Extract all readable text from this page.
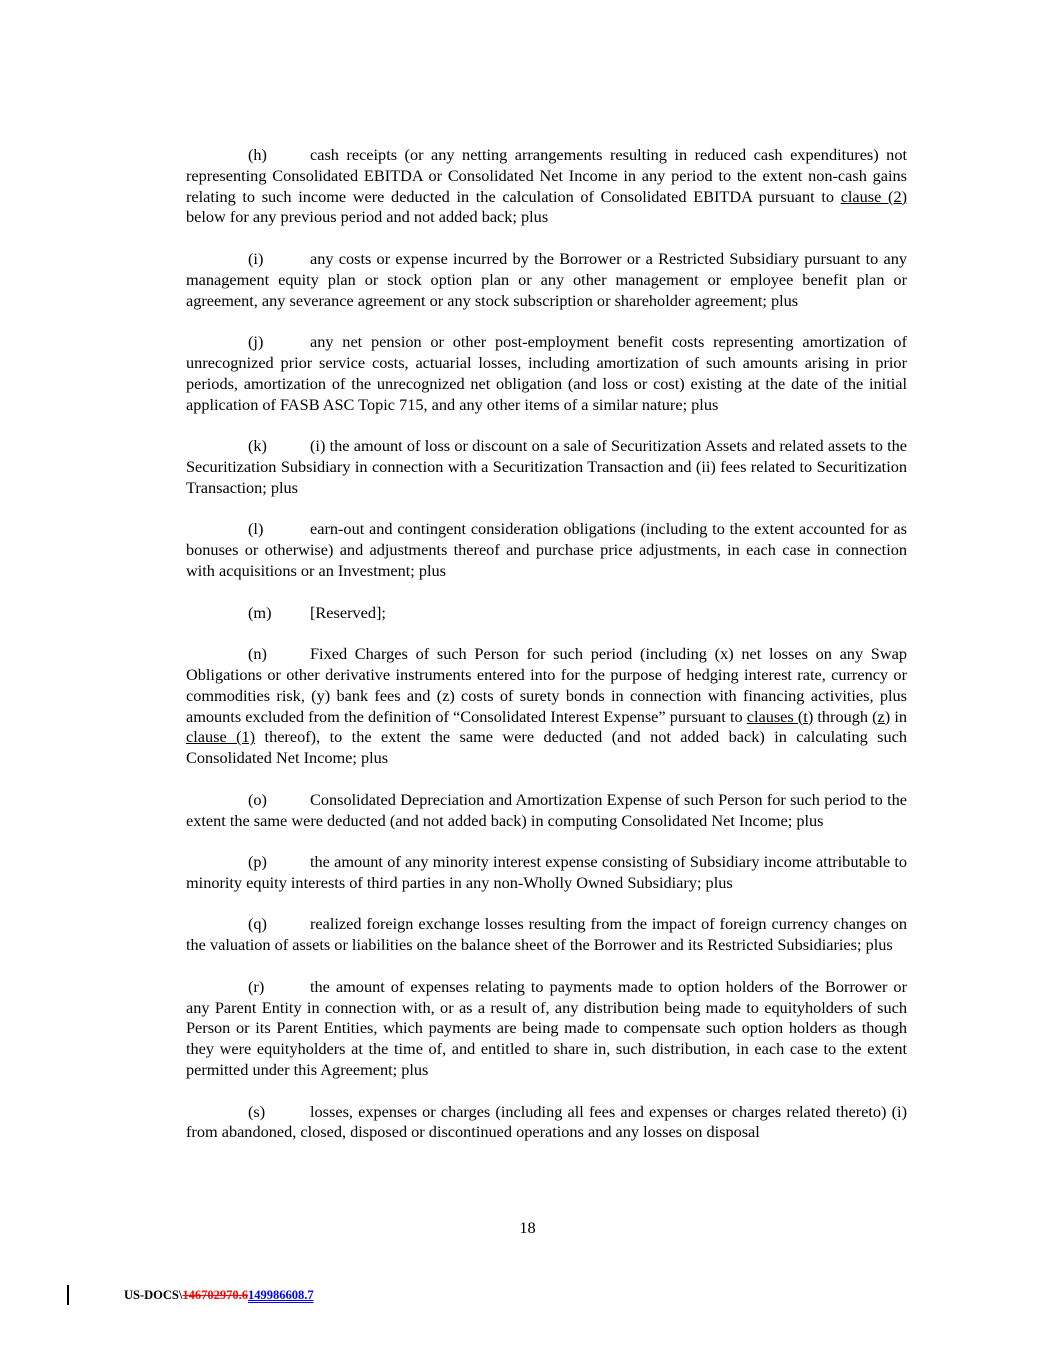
(h)	cash receipts (or any netting arrangements resulting in reduced cash expenditures) not representing Consolidated EBITDA or Consolidated Net Income in any period to the extent non-cash gains relating to such income were deducted in the calculation of Consolidated EBITDA pursuant to clause (2) below for any previous period and not added back; plus

(i)	any costs or expense incurred by the Borrower or a Restricted Subsidiary pursuant to any management equity plan or stock option plan or any other management or employee benefit plan or agreement, any severance agreement or any stock subscription or shareholder agreement; plus

(j)	any net pension or other post-employment benefit costs representing amortization of unrecognized prior service costs, actuarial losses, including amortization of such amounts arising in prior periods, amortization of the unrecognized net obligation (and loss or cost) existing at the date of the initial application of FASB ASC Topic 715, and any other items of a similar nature; plus

(k)	(i) the amount of loss or discount on a sale of Securitization Assets and related assets to the Securitization Subsidiary in connection with a Securitization Transaction and (ii) fees related to Securitization Transaction; plus

(l)	earn-out and contingent consideration obligations (including to the extent accounted for as bonuses or otherwise) and adjustments thereof and purchase price adjustments, in each case in connection with acquisitions or an Investment; plus

(m) [Reserved];

(n)	Fixed Charges of such Person for such period (including (x) net losses on any Swap Obligations or other derivative instruments entered into for the purpose of hedging interest rate, currency or commodities risk, (y) bank fees and (z) costs of surety bonds in connection with financing activities, plus amounts excluded from the definition of “Consolidated Interest Expense” pursuant to clauses (t) through (z) in clause (1) thereof), to the extent the same were deducted (and not added back) in calculating such Consolidated Net Income; plus

(o)	Consolidated Depreciation and Amortization Expense of such Person for such period to the extent the same were deducted (and not added back) in computing Consolidated Net Income; plus

(p)	the amount of any minority interest expense consisting of Subsidiary income attributable to minority equity interests of third parties in any non-Wholly Owned Subsidiary; plus

(q)	realized foreign exchange losses resulting from the impact of foreign currency changes on the valuation of assets or liabilities on the balance sheet of the Borrower and its Restricted Subsidiaries; plus

(r)	the amount of expenses relating to payments made to option holders of the Borrower or any Parent Entity in connection with, or as a result of, any distribution being made to equityholders of such Person or its Parent Entities, which payments are being made to compensate such option holders as though they were equityholders at the time of, and entitled to share in, such distribution, in each case to the extent permitted under this Agreement; plus

(s)	losses, expenses or charges (including all fees and expenses or charges related thereto) (i) from abandoned, closed, disposed or discontinued operations and any losses on disposal

18
US-DOCS\146702970.6149986608.7
